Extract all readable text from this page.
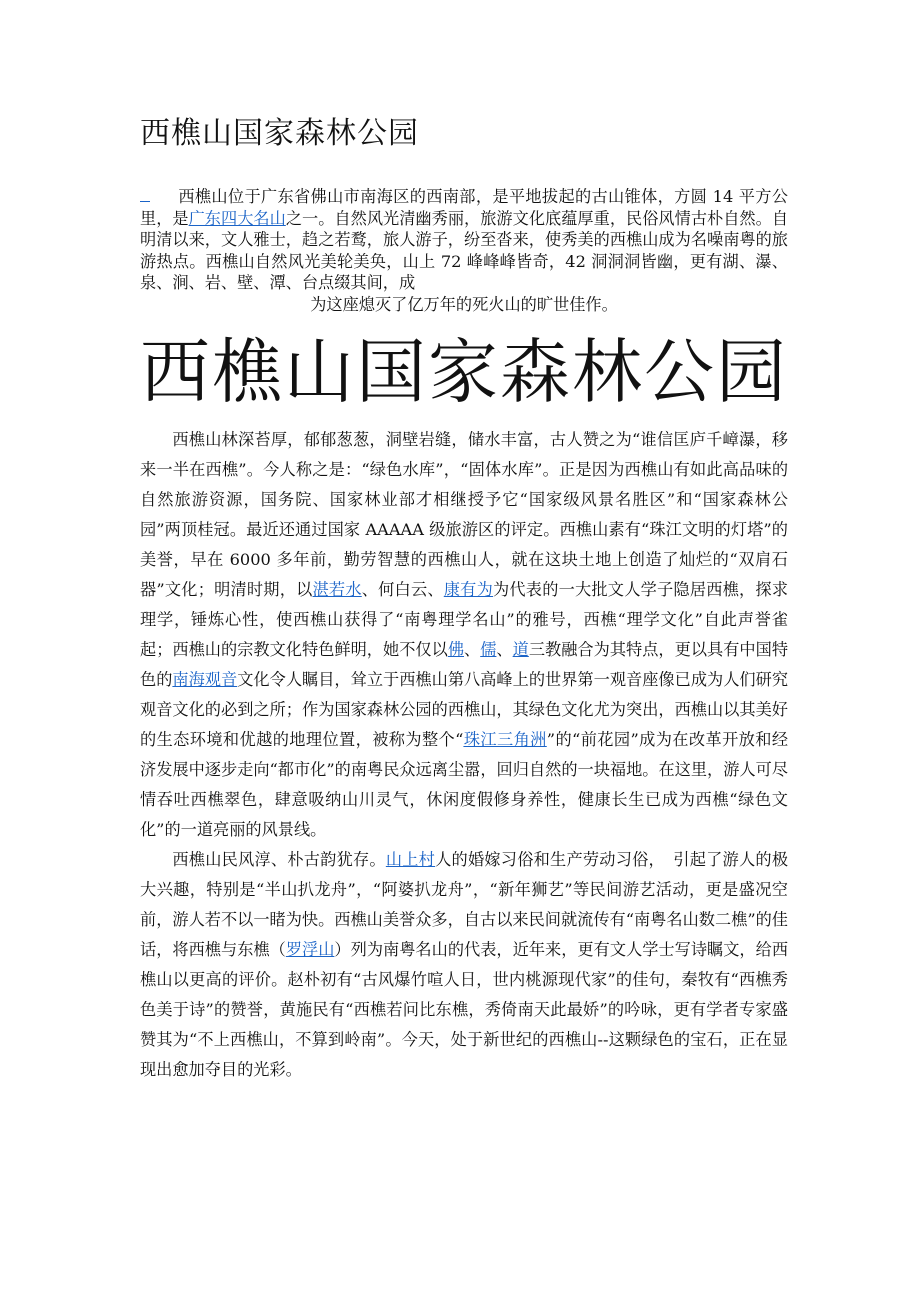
西樵山国家森林公园
西樵山位于广东省佛山市南海区的西南部，是平地拔起的古山锥体，方圆 14 平方公里，是广东四大名山之一。自然风光清幽秀丽，旅游文化底蕴厚重，民俗风情古朴自然。自明清以来，文人雅士，趋之若鹜，旅人游子，纷至沓来，使秀美的西樵山成为名噪南粤的旅游热点。西樵山自然风光美轮美奂，山上 72 峰峰峰皆奇，42 洞洞洞皆幽，更有湖、瀑、泉、涧、岩、壁、潭、台点缀其间，成
为这座熄灭了亿万年的死火山的旷世佳作。
西樵山国家森林公园

西樵山林深苔厚，郁郁葱葱，洞壁岩缝，储水丰富，古人赞之为“谁信匡庐千嶂瀑，移来一半在西樵”。今人称之是：“绿色水库”，“固体水库”。正是因为西樵山有如此高品味的自然旅游资源，国务院、国家林业部才相继授予它“国家级风景名胜区”和“国家森林公园”两顶桂冠。最近还通过国家 AAAAA 级旅游区的评定。西樵山素有“珠江文明的灯塔”的美誉，早在 6000 多年前，勤劳智慧的西樵山人，就在这块土地上创造了灿烂的“双肩石器”文化；明清时期，以湛若水、何白云、康有为为代表的一大批文人学子隐居西樵，探求理学，锤炼心性，使西樵山获得了“南粤理学名山”的雅号，西樵“理学文化”自此声誉雀起；西樵山的宗教文化特色鲜明，她不仅以佛、儒、道三教融合为其特点，更以具有中国特色的南海观音文化令人瞩目，耸立于西樵山第八高峰上的世界第一观音座像已成为人们研究观音文化的必到之所；作为国家森林公园的西樵山，其绿色文化尤为突出，西樵山以其美好的生态环境和优越的地理位置，被称为整个“珠江三角洲”的“前花园”成为在改革开放和经济发展中逐步走向“都市化”的南粤民众远离尘嚣，回归自然的一块福地。在这里，游人可尽情吞吐西樵翠色，肆意吸纳山川灵气，休闲度假修身养性，健康长生已成为西樵“绿色文化”的一道亮丽的风景线。

西樵山民风淳、朴古韵犹存。山上村人的婚嫁习俗和生产劳动习俗，　引起了游人的极大兴趣，特别是“半山扒龙舟”，“阿婆扒龙舟”，“新年狮艺”等民间游艺活动，更是盛况空前，游人若不以一睹为快。西樵山美誉众多，自古以来民间就流传有“南粤名山数二樵”的佳话，将西樵与东樵（罗浮山）列为南粤名山的代表，近年来，更有文人学士写诗瞩文，给西樵山以更高的评价。赵朴初有“古风爆竹喧人日，世内桃源现代家”的佳句，秦牧有“西樵秀色美于诗”的赞誉，黄施民有“西樵若问比东樵，秀倚南天此最娇”的吟咏，更有学者专家盛赞其为“不上西樵山，不算到岭南”。今天，处于新世纪的西樵山--这颗绿色的宝石，正在显现出愈加夺目的光彩。
